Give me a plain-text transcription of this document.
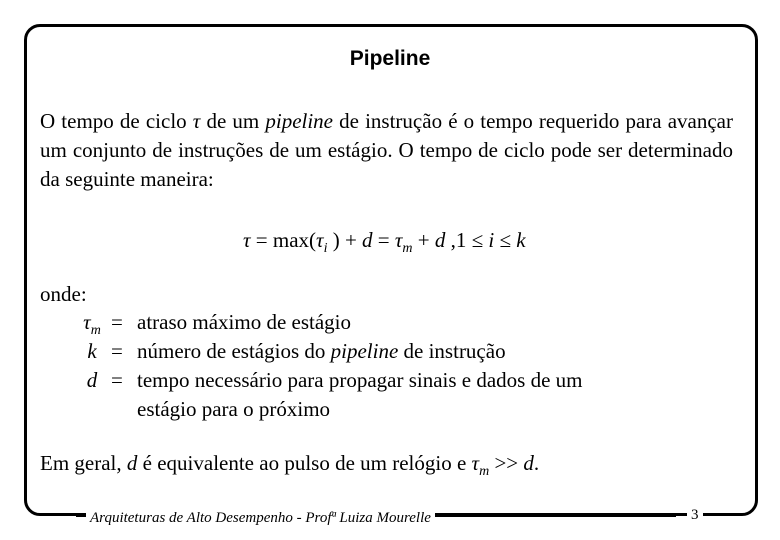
Pipeline
O tempo de ciclo τ de um pipeline de instrução é o tempo requerido para avançar um conjunto de instruções de um estágio. O tempo de ciclo pode ser determinado da seguinte maneira:
$\tau = \max(\tau_i$ ) + $d = \tau_m + d$ ,1 ≤ i ≤ k
onde:
$\tau_m$ = atraso máximo de estágio
k = número de estágios do pipeline de instrução
d = tempo necessário para propagar sinais e dados de um
estágio para o próximo
Em geral, d é equivalente ao pulso de um relógio e $\tau_m >> d$.
Arquiteturas de Alto Desempenho - Profª Luiza Mourelle	3
